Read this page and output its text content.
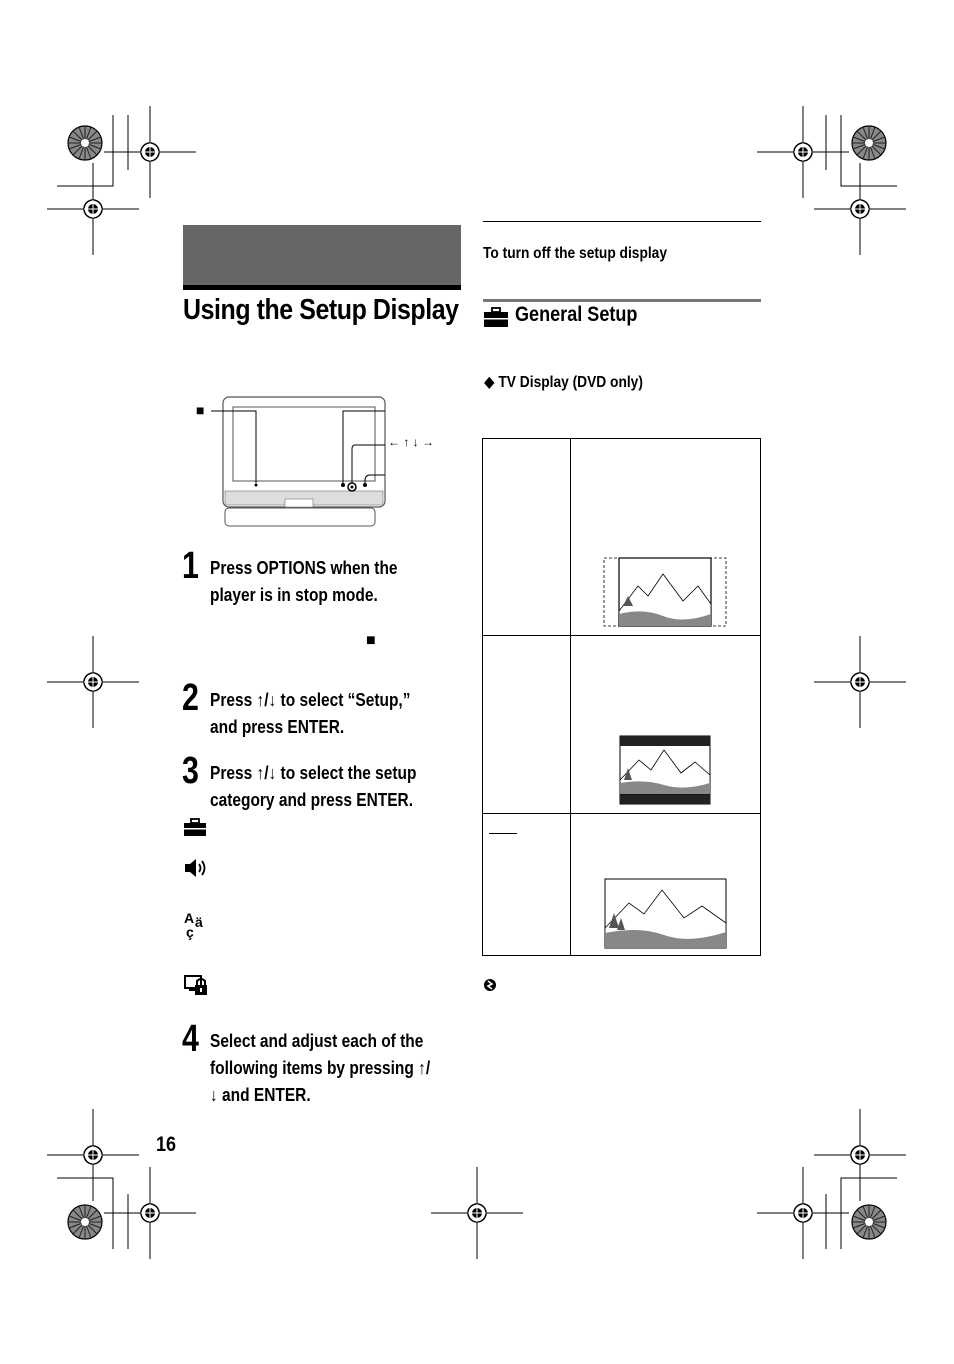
Using the Setup Display
■
← ↑ ↓ →
1 Press OPTIONS when the player is in stop mode.
■
2 Press ↑/↓ to select “Setup,” and press ENTER.
3 Press ↑/↓ to select the setup category and press ENTER.
A ä
ç
4 Select and adjust each of the following items by pressing ↑/↓ and ENTER.
To turn off the setup display
General Setup
◆ TV Display (DVD only)
16
